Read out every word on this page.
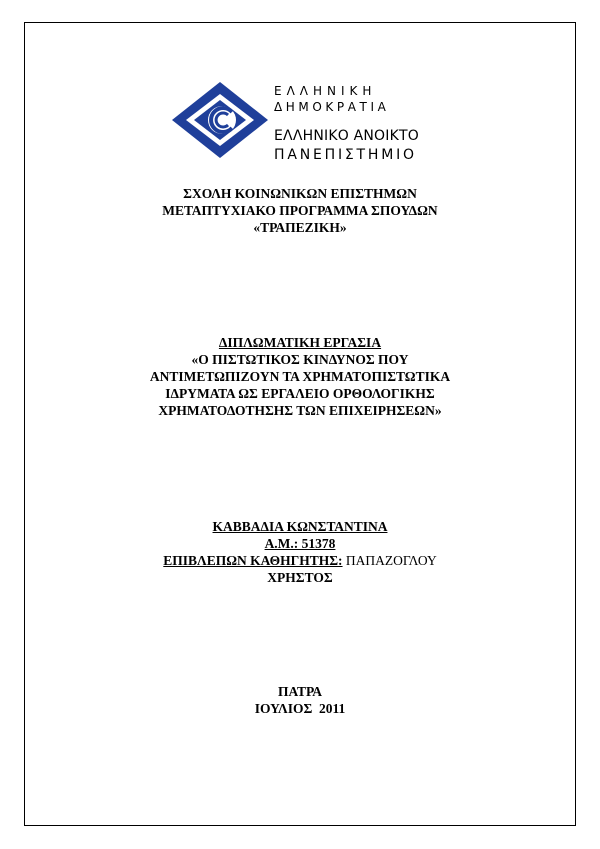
ΕΛΛΗΝΙΚΗ
ΔΗΜΟΚΡΑΤΙΑ
ΕΛΛΗΝΙΚΟ ΑΝΟΙΚΤΟ
ΠΑΝΕΠΙΣΤΗΜΙΟ
ΣΧΟΛΗ ΚΟΙΝΩΝΙΚΩΝ ΕΠΙΣΤΗΜΩΝ
ΜΕΤΑΠΤΥΧΙΑΚΟ ΠΡΟΓΡΑΜΜΑ ΣΠΟΥΔΩΝ
«ΤΡΑΠΕΖΙΚΗ»
ΔΙΠΛΩΜΑΤΙΚΗ ΕΡΓΑΣΙΑ
«Ο ΠΙΣΤΩΤΙΚΟΣ ΚΙΝΔΥΝΟΣ ΠΟΥ
ΑΝΤΙΜΕΤΩΠΙΖΟΥΝ ΤΑ ΧΡΗΜΑΤΟΠΙΣΤΩΤΙΚΑ
ΙΔΡΥΜΑΤΑ ΩΣ ΕΡΓΑΛΕΙΟ ΟΡΘΟΛΟΓΙΚΗΣ
ΧΡΗΜΑΤΟΔΟΤΗΣΗΣ ΤΩΝ ΕΠΙΧΕΙΡΗΣΕΩΝ»
ΚΑΒΒΑΔΙΑ ΚΩΝΣΤΑΝΤΙΝΑ
Α.Μ.: 51378
ΕΠΙΒΛΕΠΩΝ ΚΑΘΗΓΗΤΗΣ: ΠΑΠΑΖΟΓΛΟΥ
ΧΡΗΣΤΟΣ
ΠΑΤΡΑ
ΙΟΥΛΙΟΣ  2011
